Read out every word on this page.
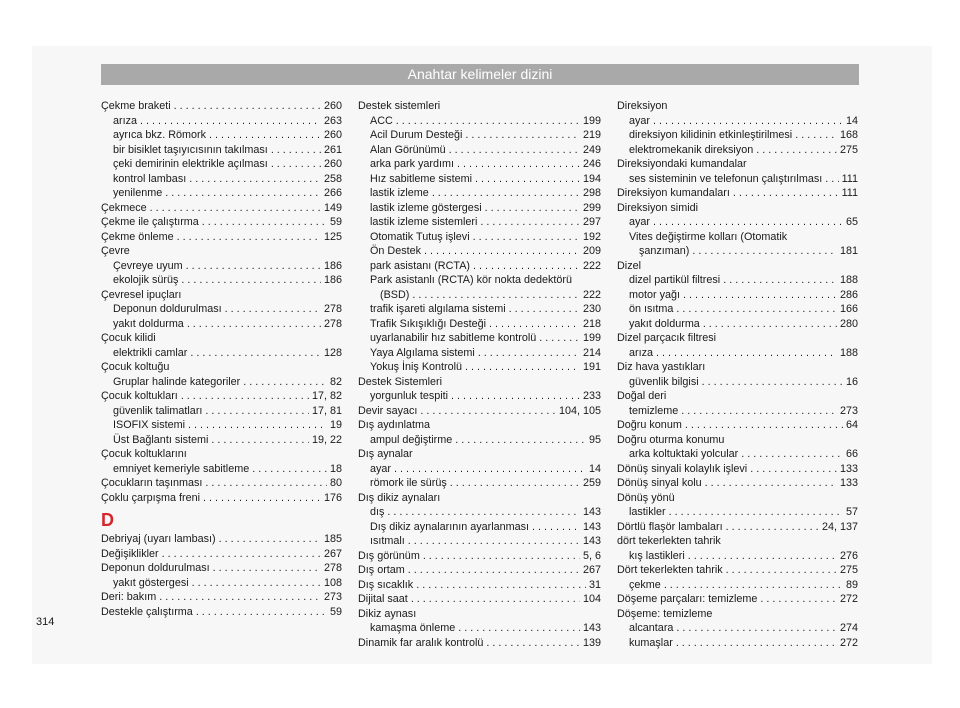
Anahtar kelimeler dizini
Çekme braketi . . .	260
arıza . . .	263
ayrıca bkz. Römork . . .	260
bir bisiklet taşıyıcısının takılması . . .	261
çeki demirinin elektrikle açılması . . .	260
kontrol lambası . . .	258
yenilenme . . .	266
Çekmece . . .	149
Çekme ile çalıştırma . . .	59
Çekme önleme . . .	125
Çevre
Çevreye uyum . . .	186
ekolojik sürüş . . .	186
Çevresel ipuçları
Deponun doldurulması . . .	278
yakıt doldurma . . .	278
Çocuk kilidi
elektrikli camlar . . .	128
Çocuk koltuğu
Gruplar halinde kategoriler . . .	82
Çocuk koltukları . . .	17, 82
güvenlik talimatları . . .	17, 81
ISOFIX sistemi . . .	19
Üst Bağlantı sistemi . . .	19, 22
Çocuk koltuklarını
emniyet kemeriyle sabitleme . . .	18
Çocukların taşınması . . .	80
Çoklu çarpışma freni . . .	176
D
Debriyaj (uyarı lambası) . . .	185
Değişiklikler . . .	267
Deponun doldurulması . . .	278
yakıt göstergesi . . .	108
Deri: bakım . . .	273
Destekle çalıştırma . . .	59
Destek sistemleri
ACC . . .	199
Acil Durum Desteği . . .	219
Alan Görünümü . . .	249
arka park yardımı . . .	246
Hız sabitleme sistemi . . .	194
lastik izleme . . .	298
lastik izleme göstergesi . . .	299
lastik izleme sistemleri . . .	297
Otomatik Tutuş işlevi . . .	192
Ön Destek . . .	209
park asistanı (RCTA) . . .	222
Park asistanlı (RCTA) kör nokta dedektörü
(BSD) . . .	222
trafik işareti algılama sistemi . . .	230
Trafik Sıkışıklığı Desteği . . .	218
uyarlanabilir hız sabitleme kontrolü . . .	199
Yaya Algılama sistemi . . .	214
Yokuş İniş Kontrolü . . .	191
Destek Sistemleri
yorgunluk tespiti . . .	233
Devir sayacı . . .	104, 105
Dış aydınlatma
ampul değiştirme . . .	95
Dış aynalar
ayar . . .	14
römork ile sürüş . . .	259
Dış dikiz aynaları
dış . . .	143
Dış dikiz aynalarının ayarlanması . . .	143
ısıtmalı . . .	143
Dış görünüm . . .	5, 6
Dış ortam . . .	267
Dış sıcaklık . . .	31
Dijital saat . . .	104
Dikiz aynası
kamaşma önleme . . .	143
Dinamik far aralık kontrolü . . .	139
Direksiyon
ayar . . .	14
direksiyon kilidinin etkinleştirilmesi . . .	168
elektromekanik direksiyon . . .	275
Direksiyondaki kumandalar
ses sisteminin ve telefonun çalıştırılması . . . 111
Direksiyon kumandaları . . .	111
Direksiyon simidi
ayar . . .	65
Vites değiştirme kolları (Otomatik
şanzıman) . . .	181
Dizel
dizel partikül filtresi . . .	188
motor yağı . . .	286
ön ısıtma . . .	166
yakıt doldurma . . .	280
Dizel parçacık filtresi
arıza . . .	188
Diz hava yastıkları
güvenlik bilgisi . . .	16
Doğal deri
temizleme . . .	273
Doğru konum . . .	64
Doğru oturma konumu
arka koltuktaki yolcular . . .	66
Dönüş sinyali kolaylık işlevi . . .	133
Dönüş sinyal kolu . . .	133
Dönüş yönü
lastikler . . .	57
Dörtlü flaşör lambaları . . .	24, 137
dört tekerlekten tahrik
kış lastikleri . . .	276
Dört tekerlekten tahrik . . .	275
çekme . . .	89
Döşeme parçaları: temizleme . . .	272
Döşeme: temizleme
alcantara . . .	274
kumaşlar . . .	272
314
